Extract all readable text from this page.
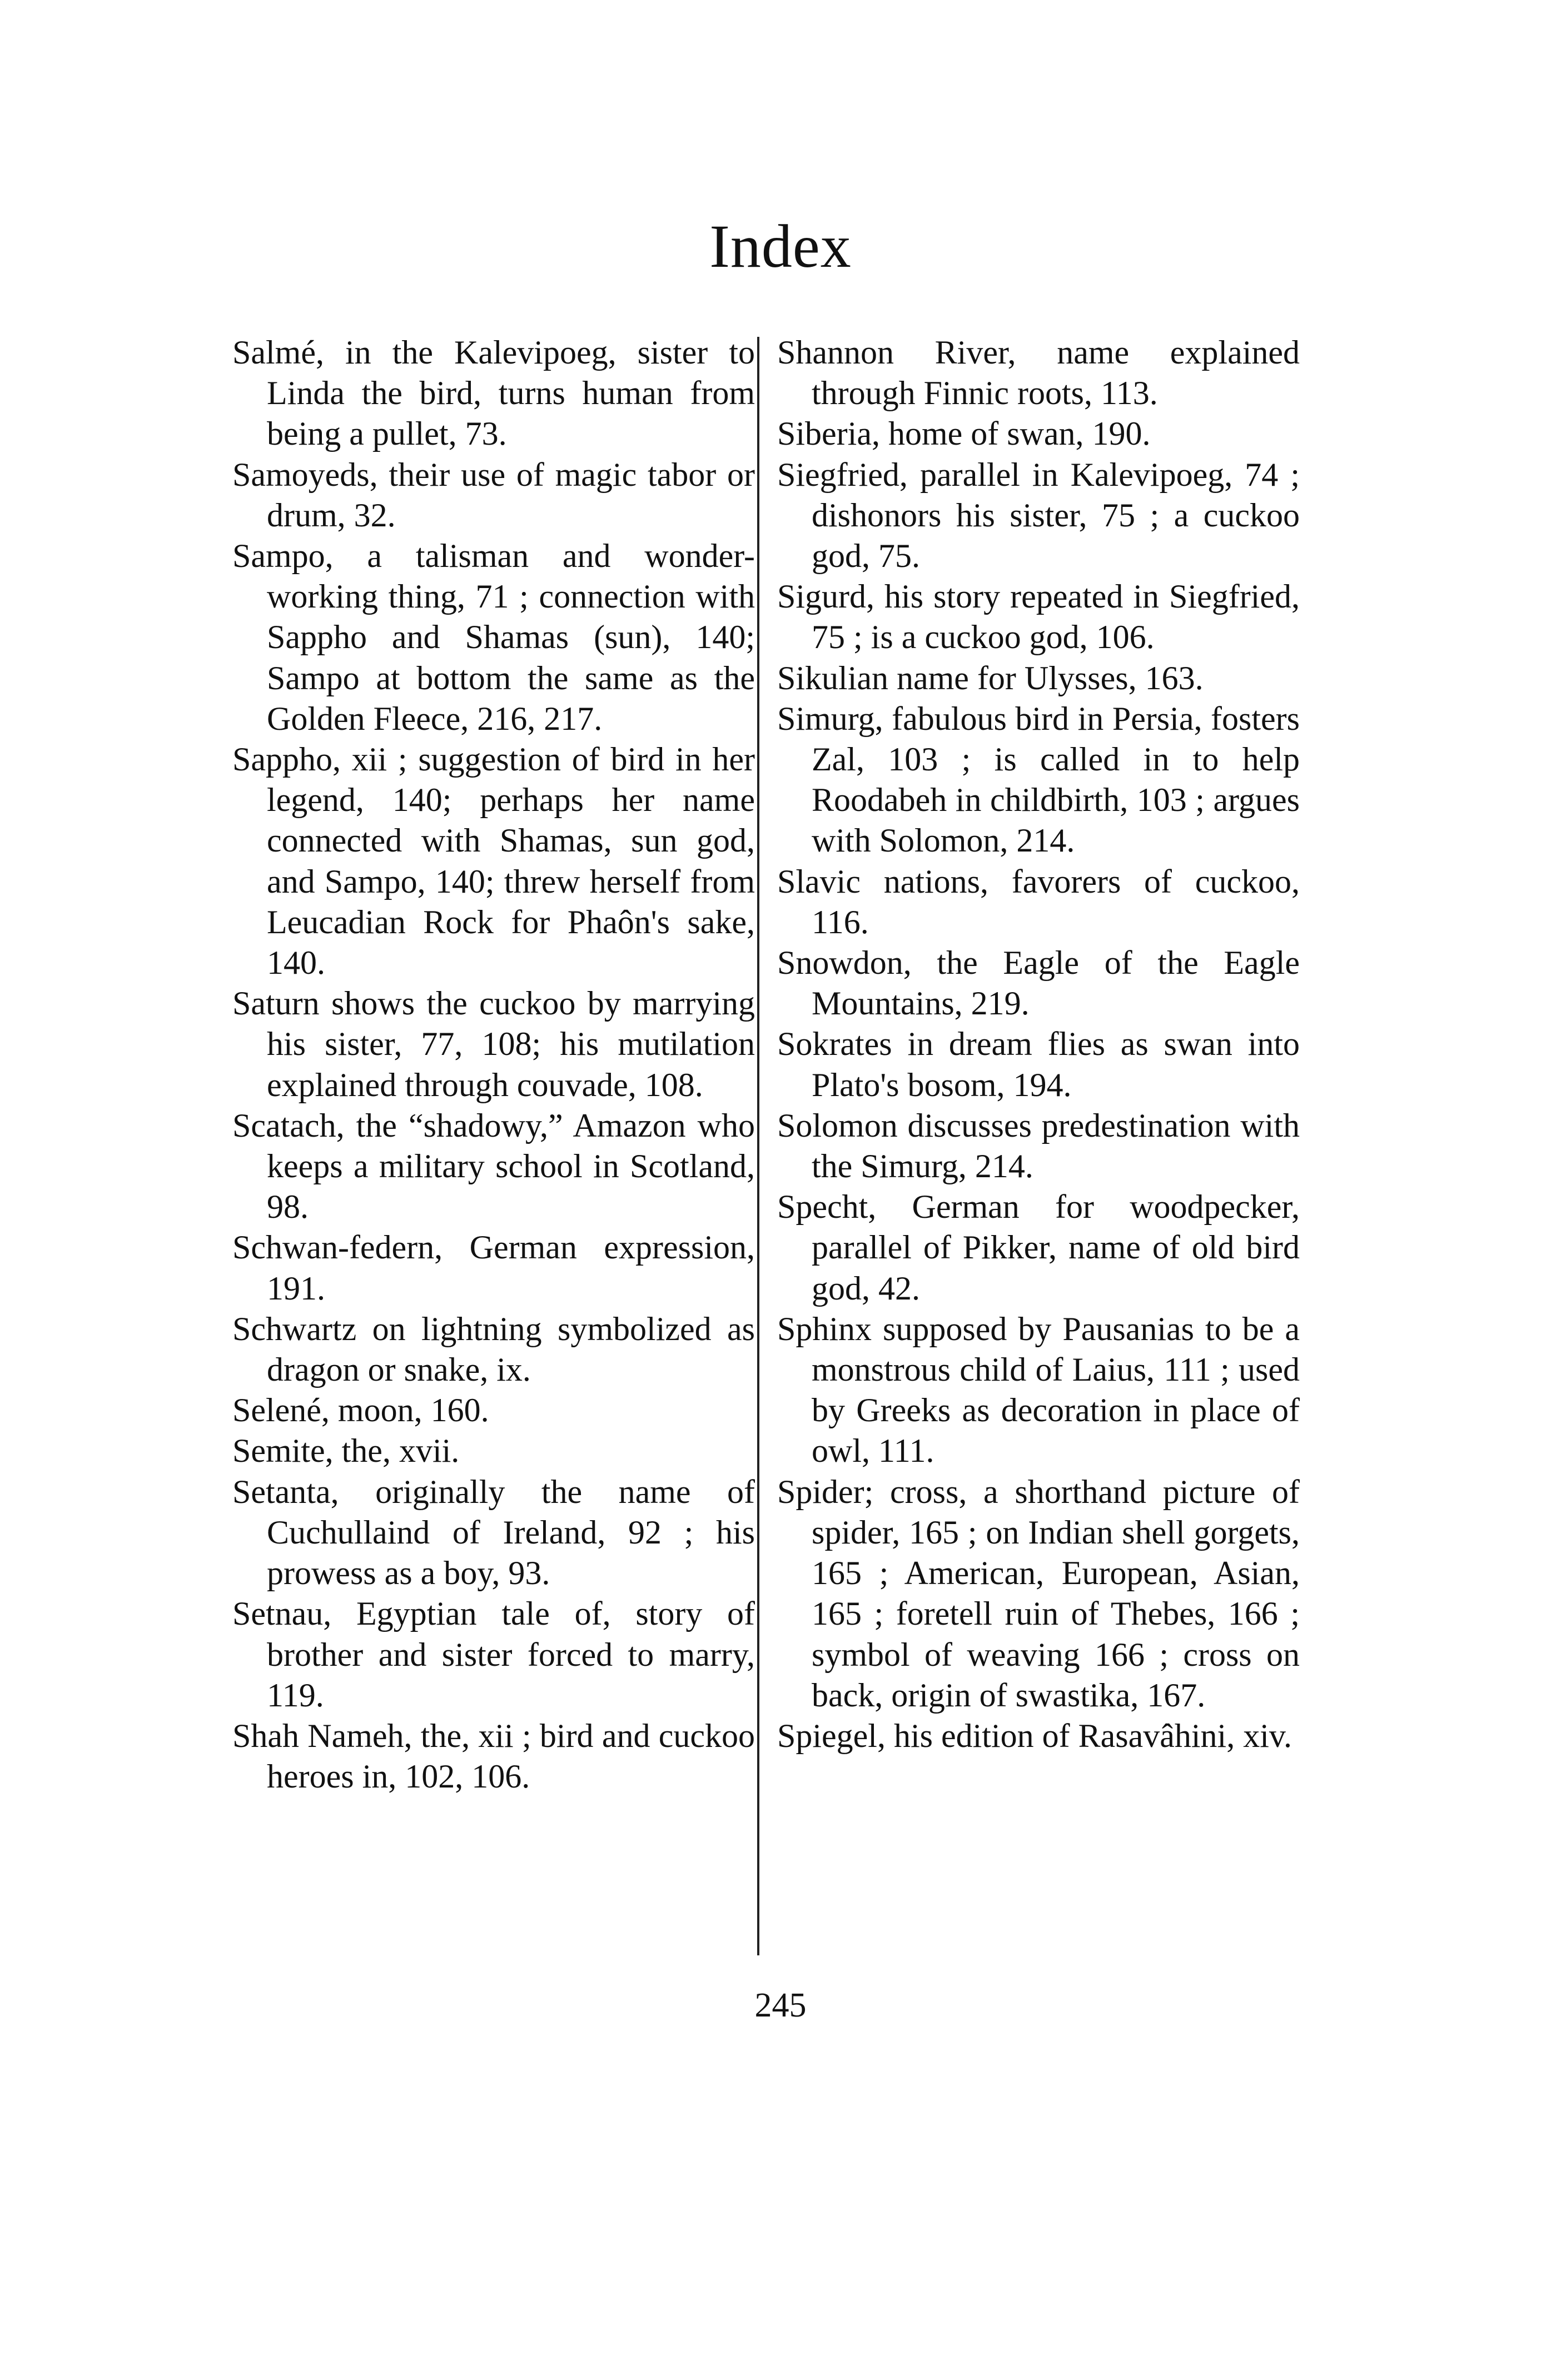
Index

Salmé, in the Kalevipoeg, sister to Linda the bird, turns human from being a pullet, 73.

Samoyeds, their use of magic tabor or drum, 32.

Sampo, a talisman and wonder-working thing, 71 ; connection with Sappho and Shamas (sun), 140; Sampo at bottom the same as the Golden Fleece, 216, 217.

Sappho, xii ; suggestion of bird in her legend, 140; perhaps her name connected with Shamas, sun god, and Sampo, 140; threw herself from Leucadian Rock for Phaôn's sake, 140.

Saturn shows the cuckoo by marrying his sister, 77, 108; his mutilation explained through couvade, 108.

Scatach, the “shadowy,” Amazon who keeps a military school in Scotland, 98.

Schwan-federn, German expression, 191.

Schwartz on lightning symbolized as dragon or snake, ix.

Selené, moon, 160.

Semite, the, xvii.

Setanta, originally the name of Cuchullaind of Ireland, 92 ; his prowess as a boy, 93.

Setnau, Egyptian tale of, story of brother and sister forced to marry, 119.

Shah Nameh, the, xii ; bird and cuckoo heroes in, 102, 106.

Shannon River, name explained through Finnic roots, 113.

Siberia, home of swan, 190.

Siegfried, parallel in Kalevipoeg, 74 ; dishonors his sister, 75 ; a cuckoo god, 75.

Sigurd, his story repeated in Siegfried, 75 ; is a cuckoo god, 106.

Sikulian name for Ulysses, 163.

Simurg, fabulous bird in Persia, fosters Zal, 103 ; is called in to help Roodabeh in childbirth, 103 ; argues with Solomon, 214.

Slavic nations, favorers of cuckoo, 116.

Snowdon, the Eagle of the Eagle Mountains, 219.

Sokrates in dream flies as swan into Plato's bosom, 194.

Solomon discusses predestination with the Simurg, 214.

Specht, German for woodpecker, parallel of Pikker, name of old bird god, 42.

Sphinx supposed by Pausanias to be a monstrous child of Laius, 111 ; used by Greeks as decoration in place of owl, 111.

Spider; cross, a shorthand picture of spider, 165 ; on Indian shell gorgets, 165 ; American, European, Asian, 165 ; foretell ruin of Thebes, 166 ; symbol of weaving 166 ; cross on back, origin of swastika, 167.

Spiegel, his edition of Rasavâhini, xiv.

245
